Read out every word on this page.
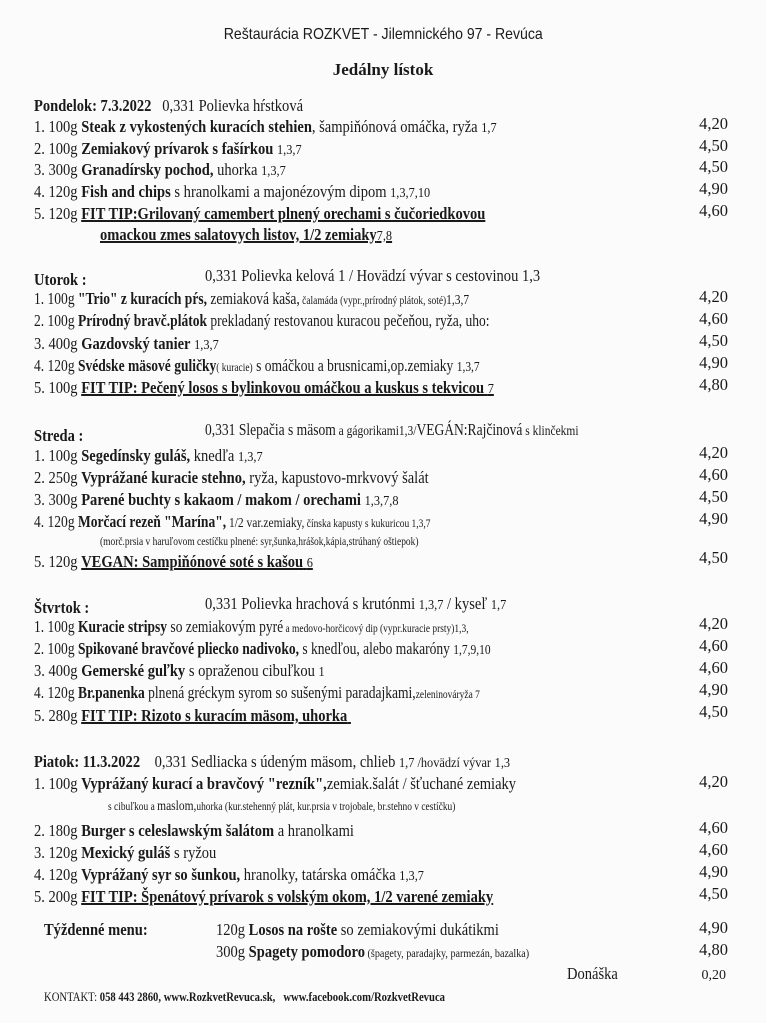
Reštaurácia ROZKVET - Jilemnického 97 - Revúca
Jedálny lístok
Pondelok: 7.3.2022 0,331 Polievka hŕstková
1. 100g Steak z vykostených kuracích stehien, šampiňónová omáčka, ryža 1,7	4,20
2. 100g Zemiakový prívarok s fašírkou 1,3,7	4,50
3. 300g Granadírsky pochod, uhorka 1,3,7	4,50
4. 120g Fish and chips s hranolkami a majonézovým dipom 1,3,7,10	4,90
5. 120g FIT TIP:Grilovaný camembert plnený orechami s čučoriedkovou	4,60
omackou zmes salatovych listov, 1/2 zemiaky7,8
Utorok :	0,331 Polievka kelová 1 / Hovädzí vývar s cestovinou 1,3
1. 100g "Trio" z kuracích pŕs, zemiaková kaša, čalamáda (vypr.,prírodný plátok, soté)1,3,7	4,20
2. 100g Prírodný bravč.plátok prekladaný restovanou kuracou pečeňou, ryža, uho:	4,60
3. 400g Gazdovský tanier 1,3,7	4,50
4. 120g Svédske mäsové guličky( kuracie) s omáčkou a brusnicami,op.zemiaky 1,3,7	4,90
5. 100g FIT TIP: Pečený losos s bylinkovou omáčkou a kuskus s tekvicou 7	4,80
Streda :	0,331 Slepačia s mäsom a gágorikami1,3/VEGÁN:Rajčinová s klinčekmi
1. 100g Segedínsky guláš, knedľa 1,3,7	4,20
2. 250g Vyprážané kuracie stehno, ryža, kapustovo-mrkvový šalát	4,60
3. 300g Parené buchty s kakaom / makom / orechami 1,3,7,8	4,50
4. 120g Morčací rezeň "Marína", 1/2 var.zemiaky, čínska kapusty s kukuricou 1,3,7	4,90
(morč.prsia v haruľovom cestíčku plnené: syr,šunka,hrášok,kápia,strúhaný oštiepok)
5. 120g VEGAN: Sampiňónové soté s kašou 6	4,50
Štvrtok :	0,331 Polievka hrachová s krutónmi 1,3,7 / kyseľ 1,7
1. 100g Kuracie stripsy so zemiakovým pyré a medovo-horčicový dip (vypr.kuracie prsty)1,3,	4,20
2. 100g Spikované bravčové pliecko nadivoko, s knedľou, alebo makaróny 1,7,9,10	4,60
3. 400g Gemerské guľky s opraženou cibuľkou 1	4,60
4. 120g Br.panenka plnená gréckym syrom so sušenými paradajkami,zeleninováryža 7	4,90
5. 280g FIT TIP: Rizoto s kuracím mäsom, uhorka	4,50
Piatok: 11.3.2022 0,331 Sedliacka s údeným mäsom, chlieb 1,7 /hovädzí vývar 1,3
1. 100g Vyprážaný kurací a bravčový "rezník",zemiak.šalát / šťuchané zemiaky	4,20
s cibuľkou a maslom,uhorka (kur.stehenný plát, kur.prsia v trojobale, br.stehno v cestíčku)
2. 180g Burger s celeslawským šalátom a hranolkami	4,60
3. 120g Mexický guláš s ryžou	4,60
4. 120g Vyprážaný syr so šunkou, hranolky, tatárska omáčka 1,3,7	4,90
5. 200g FIT TIP: Špenátový prívarok s volským okom, 1/2 varené zemiaky	4,50
Týždenné menu:	120g Losos na rošte so zemiakovými dukátikmi	4,90
300g Spagety pomodoro (špagety, paradajky, parmezán, bazalka)	4,80
Donáška	0,20
KONTAKT: 058 443 2860, www.RozkvetRevuca.sk, www.facebook.com/RozkvetRevuca
